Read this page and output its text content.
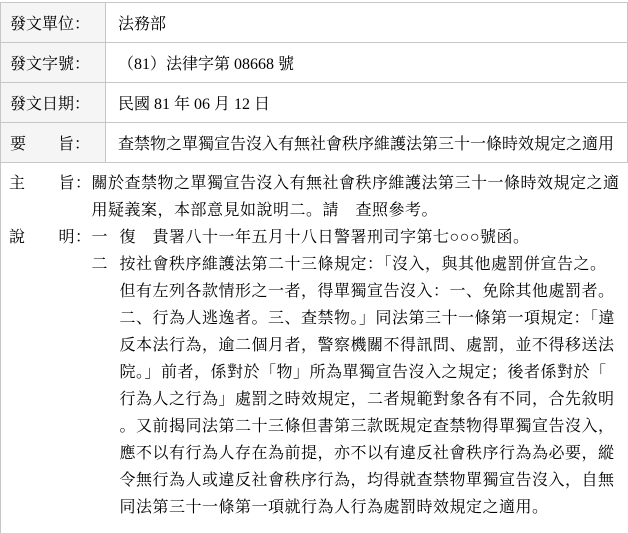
發文單位：	法務部
發文字號：	（81）法律字第 08668 號
發文日期：	民國 81 年 06 月 12 日
要　　旨：	查禁物之單獨宣告沒入有無社會秩序維護法第三十一條時效規定之適用
主　　旨： 關於查禁物之單獨宣告沒入有無社會秩序維護法第三十一條時效規定之適用疑義案，本部意見如說明二。請　查照參考。
說　　明： 一 復　貴署八十一年五月十八日警署刑司字第七○○○號函。
二 按社會秩序維護法第二十三條規定：「沒入，與其他處罰併宣告之。但有左列各款情形之一者，得單獨宣告沒入：一、免除其他處罰者。二、行為人逃逸者。三、查禁物。」同法第三十一條第一項規定：「違反本法行為，逾二個月者，警察機關不得訊問、處罰，並不得移送法院。」前者，係對於「物」所為單獨宣告沒入之規定；後者係對於「行為人之行為」處罰之時效規定，二者規範對象各有不同，合先敘明。又前揭同法第二十三條但書第三款既規定查禁物得單獨宣告沒入，應不以有行為人存在為前提，亦不以有違反社會秩序行為為必要，縱令無行為人或違反社會秩序行為，均得就查禁物單獨宣告沒入，自無同法第三十一條第一項就行為人行為處罰時效規定之適用。
